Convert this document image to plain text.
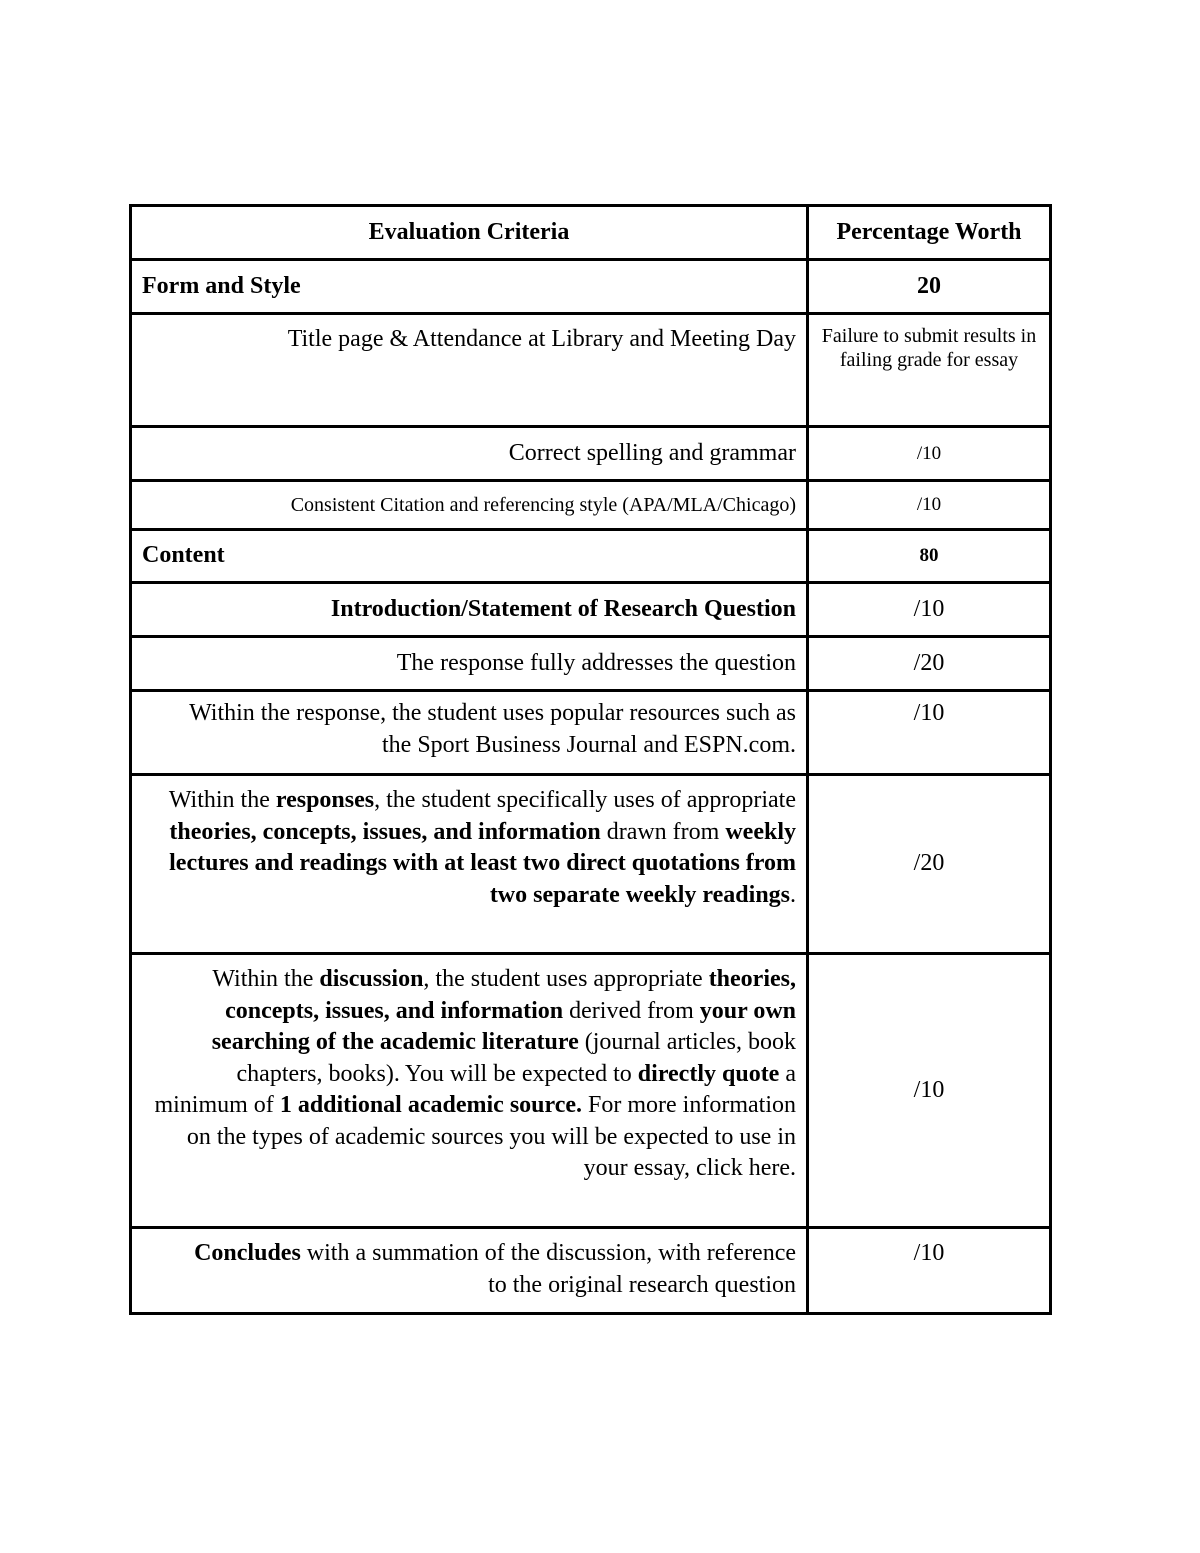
Evaluation Criteria	Percentage Worth
Form and Style	20
Title page & Attendance at Library and Meeting Day	Failure to submit results in failing grade for essay
Correct spelling and grammar	/10
Consistent Citation and referencing style (APA/MLA/Chicago)	/10
Content	80
Introduction/Statement of Research Question	/10
The response fully addresses the question	/20
Within the response, the student uses popular resources such as the Sport Business Journal and ESPN.com.	/10
Within the responses, the student specifically uses of appropriate theories, concepts, issues, and information drawn from weekly lectures and readings with at least two direct quotations from two separate weekly readings.	/20
Within the discussion, the student uses appropriate theories, concepts, issues, and information derived from your own searching of the academic literature (journal articles, book chapters, books). You will be expected to directly quote a minimum of 1 additional academic source. For more information on the types of academic sources you will be expected to use in your essay, click here.	/10
Concludes with a summation of the discussion, with reference to the original research question	/10
